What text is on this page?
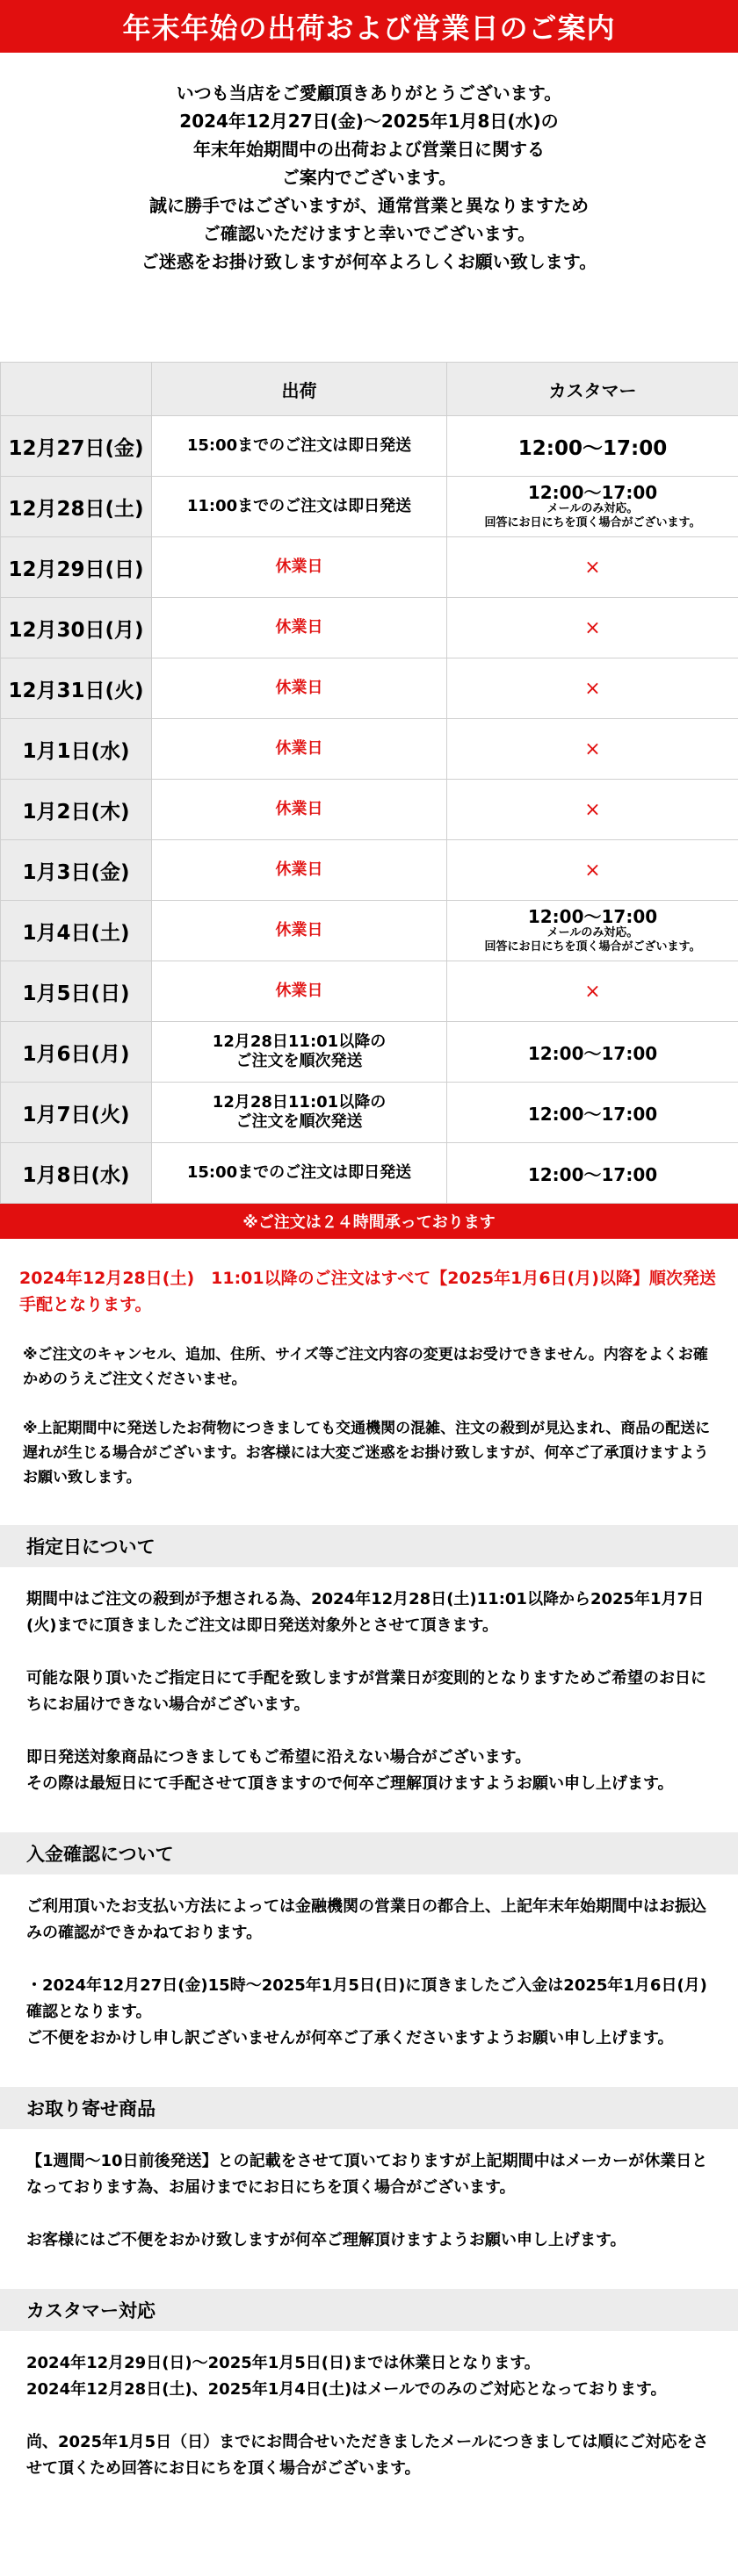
年末年始の出荷および営業日のご案内
いつも当店をご愛顧頂きありがとうございます。
2024年12月27日(金)～2025年1月8日(水)の
年末年始期間中の出荷および営業日に関する
ご案内でございます。
誠に勝手ではございますが、通常営業と異なりますため
ご確認いただけますと幸いでございます。
ご迷惑をお掛け致しますが何卒よろしくお願い致します。
	出荷	カスタマー
12月27日(金)	15:00までのご注文は即日発送	12:00～17:00
12月28日(土)	11:00までのご注文は即日発送	12:00～17:00
メールのみ対応。
回答にお日にちを頂く場合がございます。

12月29日(日)	休業日	×
12月30日(月)	休業日	×
12月31日(火)	休業日	×
1月1日(水)	休業日	×
1月2日(木)	休業日	×
1月3日(金)	休業日	×
1月4日(土)	休業日	12:00～17:00
メールのみ対応。
回答にお日にちを頂く場合がございます。

1月5日(日)	休業日	×
1月6日(月)	12月28日11:01以降の
ご注文を順次発送	12:00～17:00
1月7日(火)	12月28日11:01以降の
ご注文を順次発送	12:00～17:00
1月8日(水)	15:00までのご注文は即日発送	12:00～17:00
※ご注文は２４時間承っております
2024年12月28日(土)　11:01以降のご注文はすべて【2025年1月6日(月)以降】順次発送手配となります。
※ご注文のキャンセル、追加、住所、サイズ等ご注文内容の変更はお受けできません。内容をよくお確かめのうえご注文くださいませ。
※上記期間中に発送したお荷物につきましても交通機関の混雑、注文の殺到が見込まれ、商品の配送に遅れが生じる場合がございます。お客様には大変ご迷惑をお掛け致しますが、何卒ご了承頂けますようお願い致します。
指定日について
期間中はご注文の殺到が予想される為、2024年12月28日(土)11:01以降から2025年1月7日(火)までに頂きましたご注文は即日発送対象外とさせて頂きます。
可能な限り頂いたご指定日にて手配を致しますが営業日が変則的となりますためご希望のお日にちにお届けできない場合がございます。
即日発送対象商品につきましてもご希望に沿えない場合がございます。
その際は最短日にて手配させて頂きますので何卒ご理解頂けますようお願い申し上げます。
入金確認について
ご利用頂いたお支払い方法によっては金融機関の営業日の都合上、上記年末年始期間中はお振込みの確認ができかねております。
・2024年12月27日(金)15時～2025年1月5日(日)に頂きましたご入金は2025年1月6日(月)確認となります。
ご不便をおかけし申し訳ございませんが何卒ご了承くださいますようお願い申し上げます。
お取り寄せ商品
【1週間～10日前後発送】との記載をさせて頂いておりますが上記期間中はメーカーが休業日となっております為、お届けまでにお日にちを頂く場合がございます。
お客様にはご不便をおかけ致しますが何卒ご理解頂けますようお願い申し上げます。
カスタマー対応
2024年12月29日(日)～2025年1月5日(日)までは休業日となります。
2024年12月28日(土)、2025年1月4日(土)はメールでのみのご対応となっております。
尚、2025年1月5日（日）までにお問合せいただきましたメールにつきましては順にご対応をさせて頂くため回答にお日にちを頂く場合がございます。
